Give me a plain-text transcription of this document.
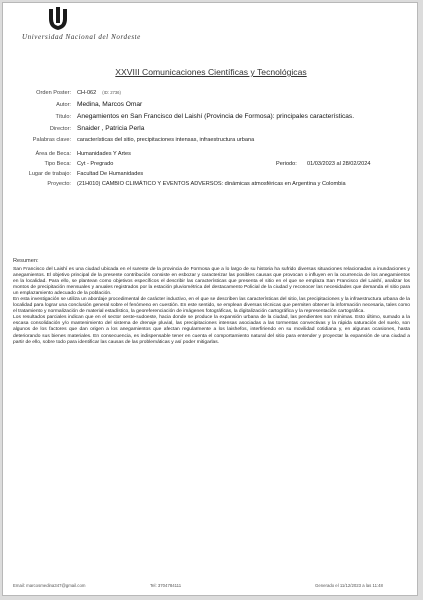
Universidad Nacional del Nordeste
XXVIII Comunicaciones Científicas y Tecnológicas
Orden Poster: CH-062 (ID: 2736)
Autor: Medina, Marcos Omar
Título: Anegamientos en San Francisco del Laishí (Provincia de Formosa): principales características.
Director: Snaider , Patricia Perla
Palabras clave: características del sitio, precipitaciones intensas, infraestructura urbana
Área de Beca: Humanidades Y Artes
Tipo Beca: Cyt - Pregrado	Periodo: 01/03/2023 al 28/02/2024
Lugar de trabajo: Facultad De Humanidades
Proyecto: (21H010) CAMBIO CLIMÁTICO Y EVENTOS ADVERSOS: dinámicas atmosféricas en Argentina y Colombia
Resumen:

San Francisco del Laishí es una ciudad ubicada en el sureste de la provincia de Formosa que a lo largo de su historia ha sufrido diversas situaciones relacionadas a inundaciones y anegamientos. El objetivo principal de la presente contribución consiste en esbozar y caracterizar las posibles causas que provocan o influyen en la ocurrencia de los anegamientos en la localidad. Para ello, se plantean como objetivos específicos el describir las características que presenta el sitio en el que se emplaza San Francisco del Laishí, analizar los montos de precipitación mensuales y anuales registrados por la estación pluviométrica del destacamento Policial de la ciudad y reconocer las necesidades que demanda el sitio para un emplazamiento adecuado de la población.

En esta investigación se utiliza un abordaje procedimental de carácter inductivo, en el que se describen las características del sitio, las precipitaciones y la infraestructura urbana de la localidad para lograr una conclusión general sobre el fenómeno en cuestión. En este sentido, se emplean diversas técnicas que permiten obtener la información necesaria, tales como el tratamiento y normalización de material estadístico, la georeferenciación de imágenes fotográficas, la digitalización cartográfica y la representación cartográfica.

Los resultados parciales indican que en el sector oeste-sudoeste, hacia donde se produce la expansión urbana de la ciudad, las pendientes son mínimas. Esto último, sumado a la escasa consolidación y/o mantenimiento del sistema de drenaje pluvial, las precipitaciones intensas asociadas a las tormentas convectivas y la rápida saturación del suelo, son algunos de los factores que dan origen a los anegamientos que afectan regularmente a los laishefos, interfiriendo en su movilidad cotidiana y, en algunas ocasiones, hasta deteriorando sus bienes materiales. En consecuencia, es indispensable tener en cuenta el comportamiento natural del sitio para entender y proyectar la expansión de una ciudad a partir de ello, sobre todo para identificar las causas de las problemáticas y así poder mitigarlas.

Email: marcosmedina347@gmail.com	Tel: 3704784111	Generado el 11/12/2023 a las 11:48
